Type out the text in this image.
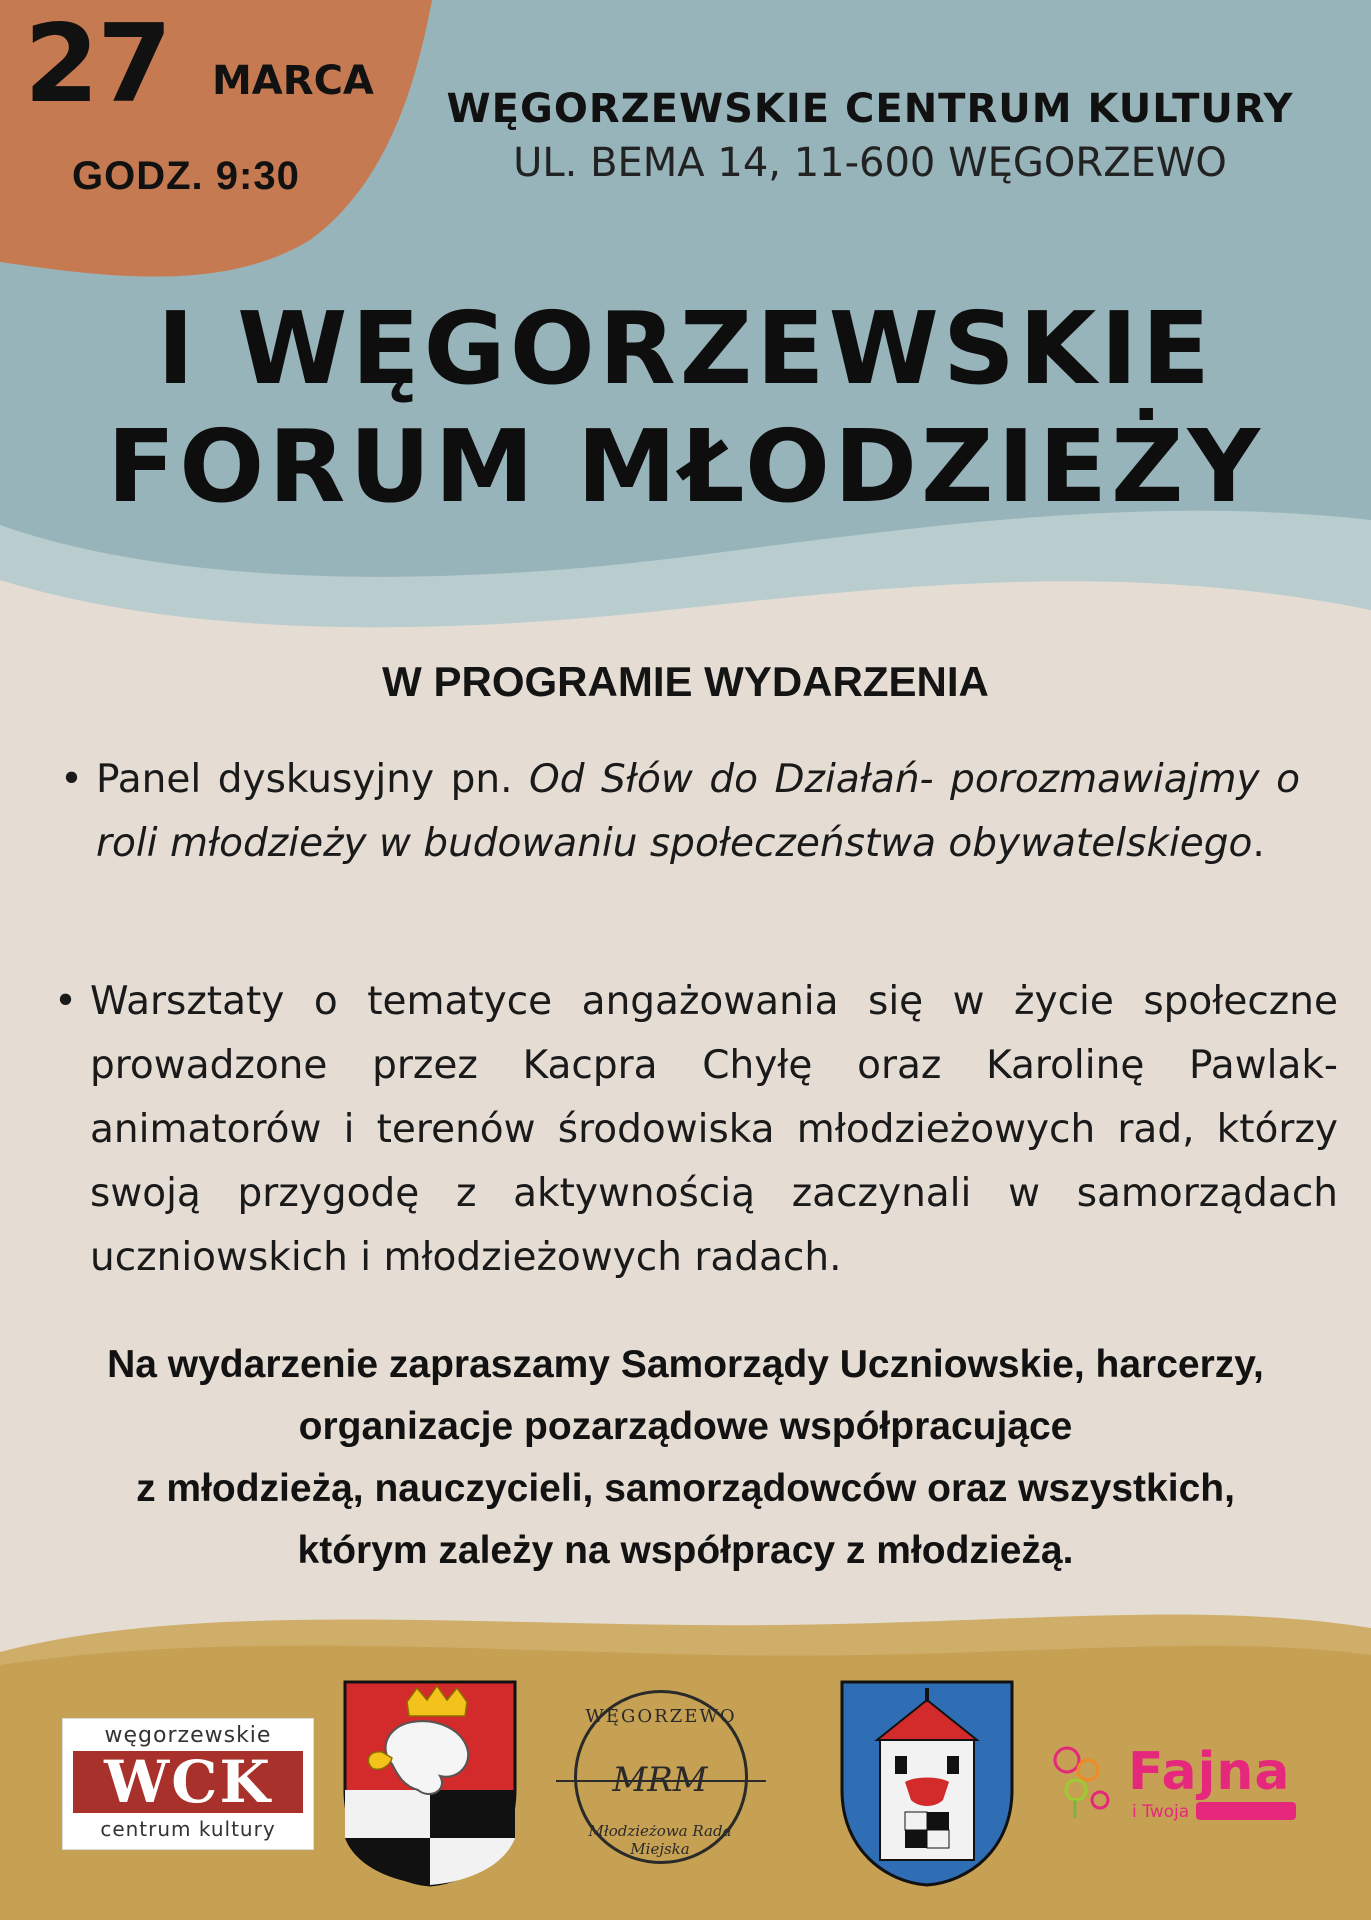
27 MARCA
GODZ. 9:30
WĘGORZEWSKIE CENTRUM KULTURY
UL. BEMA 14, 11-600 WĘGORZEWO
I WĘGORZEWSKIE
FORUM MŁODZIEŻY
W PROGRAMIE WYDARZENIA
• Panel dyskusyjny pn. Od Słów do Działań- porozmawiajmy o roli młodzieży w budowaniu społeczeństwa obywatelskiego.
• Warsztaty o tematyce angażowania się w życie społeczne prowadzone przez Kacpra Chyłę oraz Karolinę Pawlak- animatorów i terenów środowiska młodzieżowych rad, którzy swoją przygodę z aktywnością zaczynali w samorządach uczniowskich i młodzieżowych radach.
Na wydarzenie zapraszamy Samorządy Uczniowskie, harcerzy,
organizacje pozarządowe współpracujące
z młodzieżą, nauczycieli, samorządowców oraz wszystkich,
którym zależy na współpracy z młodzieżą.
węgorzewskie
WCK
centrum kultury
WĘGORZEWO
MRM
Młodzieżowa Rada Miejska
Fajna
i Twoja
